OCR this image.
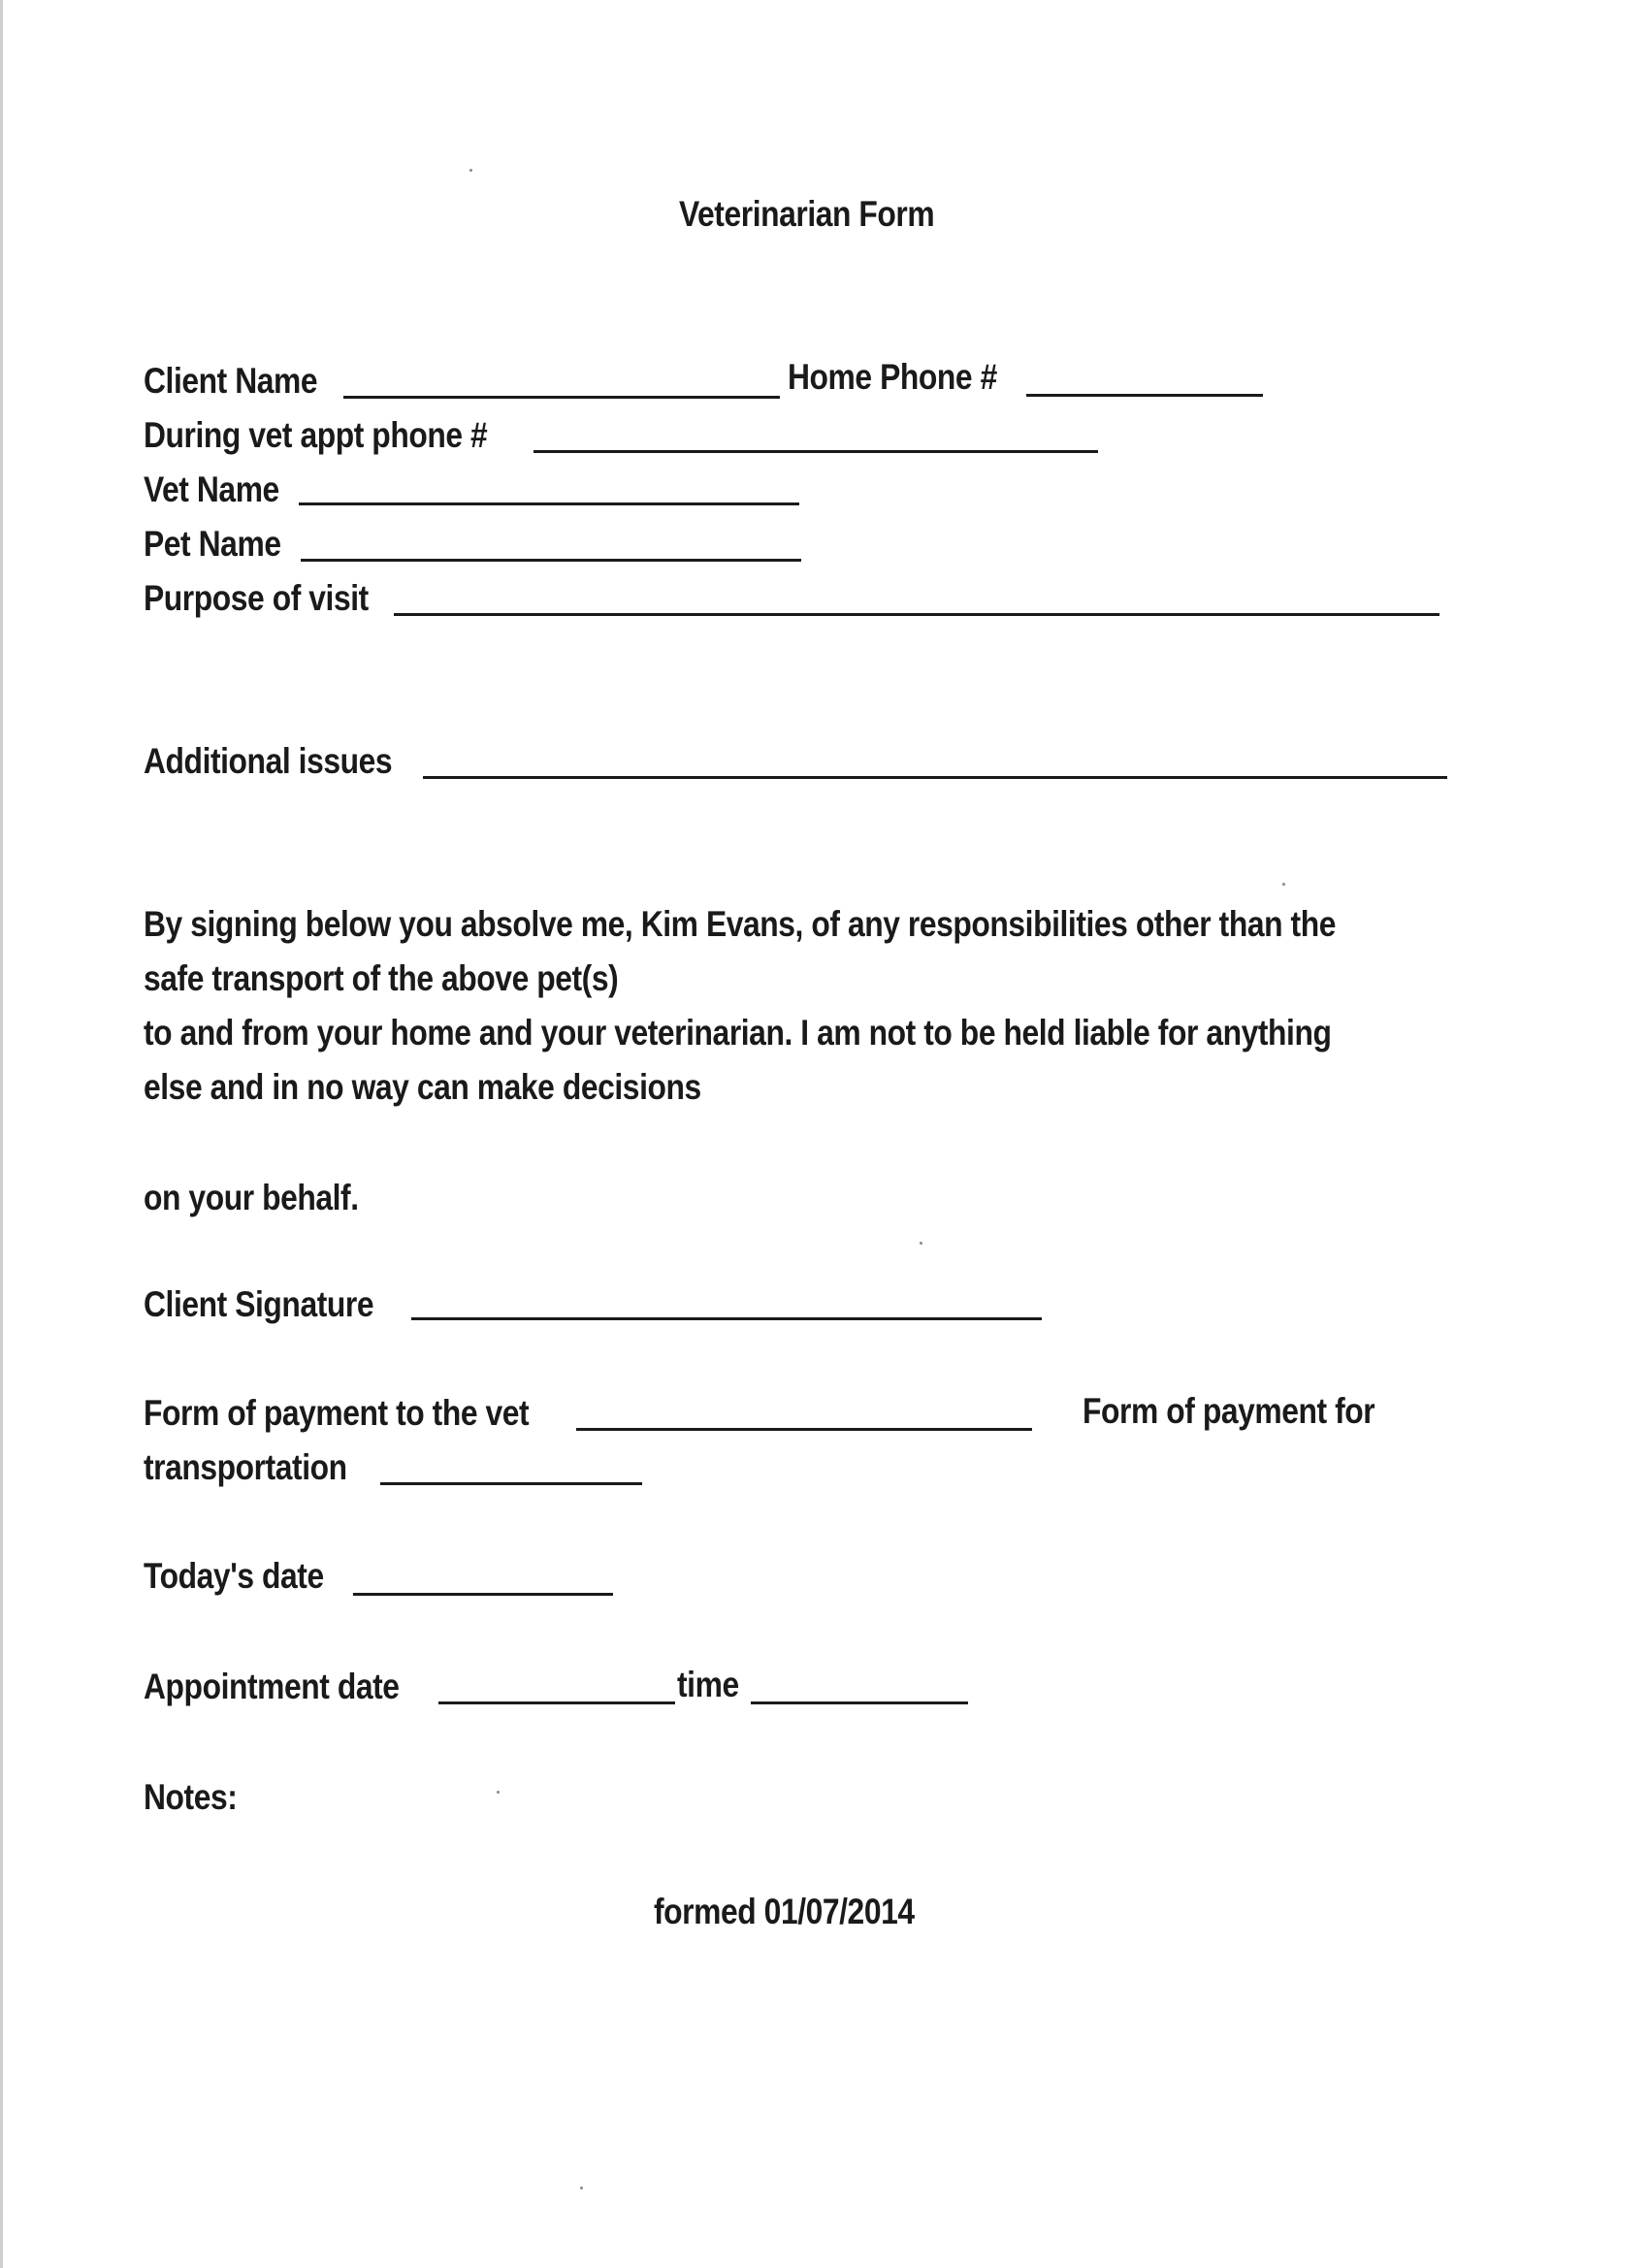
Veterinarian Form
Client Name	Home Phone #
During vet appt phone #
Vet Name
Pet Name
Purpose of visit
Additional issues
By signing below you absolve me, Kim Evans, of any responsibilities other than the
safe transport of the above pet(s)
to and from your home and your veterinarian. I am not to be held liable for anything
else and in no way can make decisions
on your behalf.
Client Signature
Form of payment to the vet	Form of payment for
transportation
Today's date
Appointment date	time
Notes:
formed 01/07/2014
